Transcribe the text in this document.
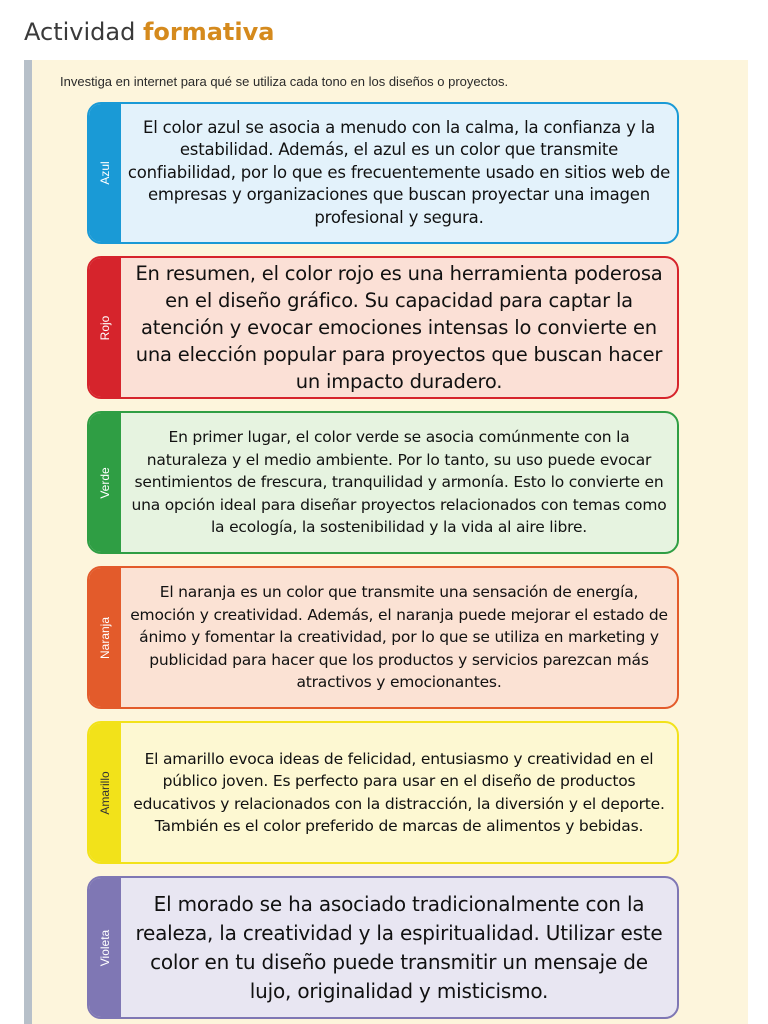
Actividad formativa
Investiga en internet para qué se utiliza cada tono en los diseños o proyectos.
Azul
El color azul se asocia a menudo con la calma, la confianza y la estabilidad. Además, el azul es un color que transmite confiabilidad, por lo que es frecuentemente usado en sitios web de empresas y organizaciones que buscan proyectar una imagen profesional y segura.
Rojo
En resumen, el color rojo es una herramienta poderosa en el diseño gráfico. Su capacidad para captar la atención y evocar emociones intensas lo convierte en una elección popular para proyectos que buscan hacer un impacto duradero.
Verde
En primer lugar, el color verde se asocia comúnmente con la naturaleza y el medio ambiente. Por lo tanto, su uso puede evocar sentimientos de frescura, tranquilidad y armonía. Esto lo convierte en una opción ideal para diseñar proyectos relacionados con temas como la ecología, la sostenibilidad y la vida al aire libre.
Naranja
El naranja es un color que transmite una sensación de energía, emoción y creatividad. Además, el naranja puede mejorar el estado de ánimo y fomentar la creatividad, por lo que se utiliza en marketing y publicidad para hacer que los productos y servicios parezcan más atractivos y emocionantes.
Amarillo
El amarillo evoca ideas de felicidad, entusiasmo y creatividad en el público joven. Es perfecto para usar en el diseño de productos educativos y relacionados con la distracción, la diversión y el deporte. También es el color preferido de marcas de alimentos y bebidas.
Violeta
El morado se ha asociado tradicionalmente con la realeza, la creatividad y la espiritualidad. Utilizar este color en tu diseño puede transmitir un mensaje de lujo, originalidad y misticismo.
